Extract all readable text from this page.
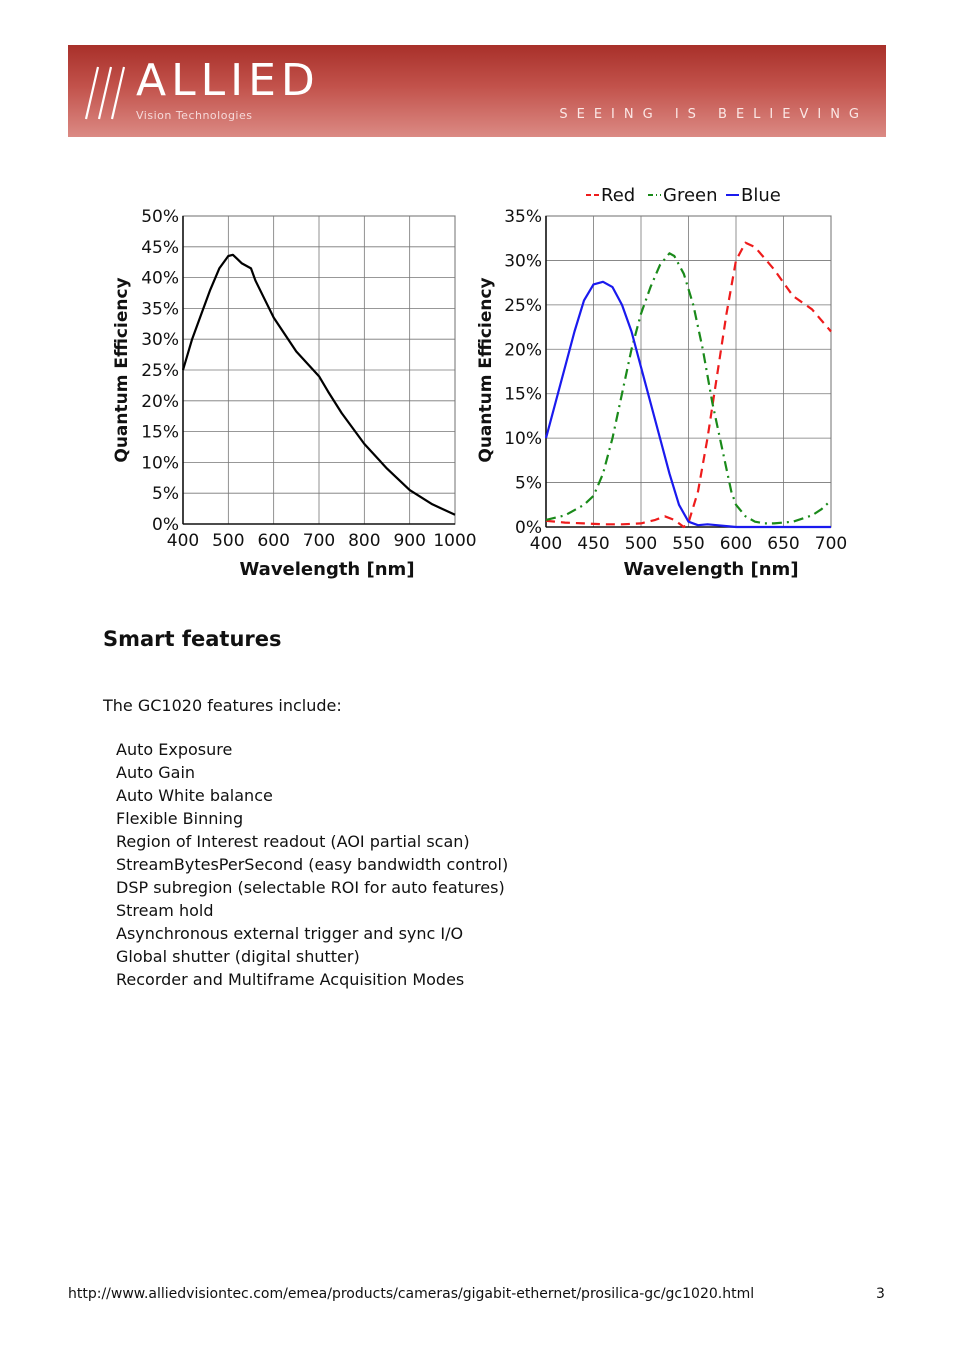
ALLIED
Vision Technologies	SEEING IS BELIEVING
Quantum Efficiency
Wavelength [nm]
400 500 600 700 800 900 1000
0%
5%
10%
15%
20%
25%
30%
35%
40%
45%
50%
Quantum Efficiency
Wavelength [nm]
400 450 500 550 600 650 700
0%
5%
10%
15%
20%
25%
30%
35%
Red Green Blue
Smart features
The GC1020 features include:
Auto Exposure
Auto Gain
Auto White balance
Flexible Binning
Region of Interest readout (AOI partial scan)
StreamBytesPerSecond (easy bandwidth control)
DSP subregion (selectable ROI for auto features)
Stream hold
Asynchronous external trigger and sync I/O
Global shutter (digital shutter)
Recorder and Multiframe Acquisition Modes
http://www.alliedvisiontec.com/emea/products/cameras/gigabit-ethernet/prosilica-gc/gc1020.html	3
